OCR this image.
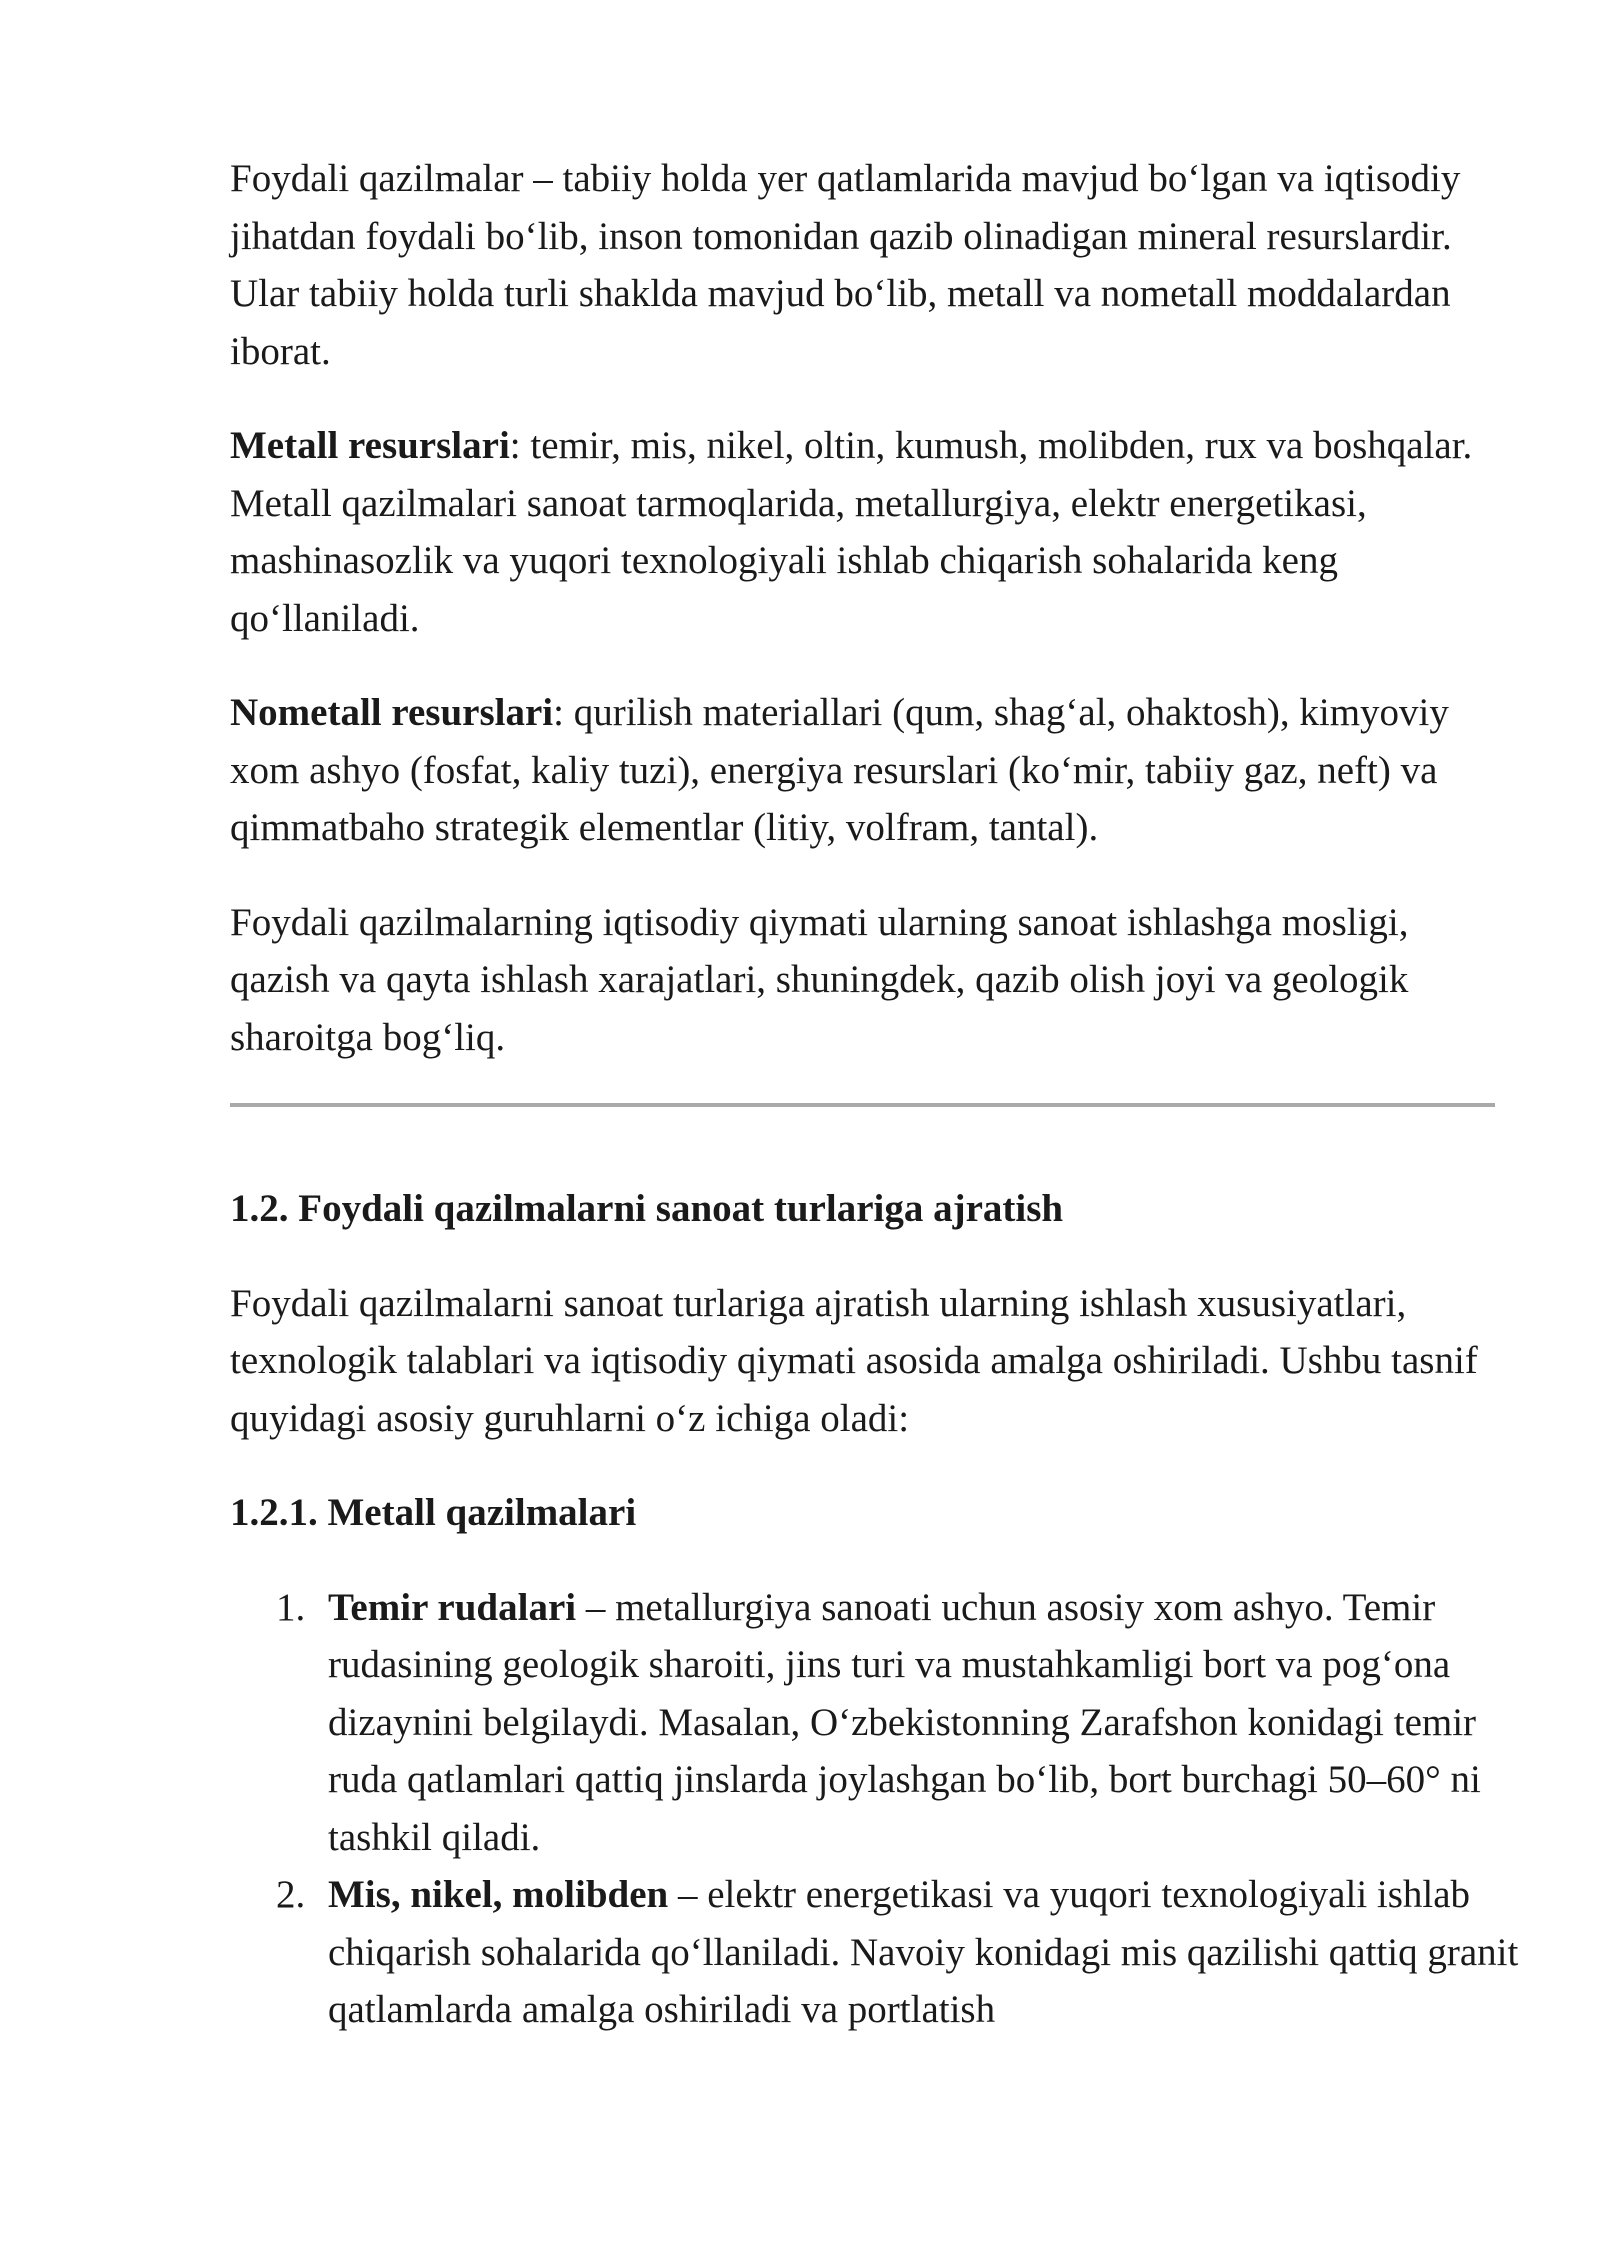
Foydali qazilmalar – tabiiy holda yer qatlamlarida mavjud bo‘lgan va iqtisodiy jihatdan foydali bo‘lib, inson tomonidan qazib olinadigan mineral resurslardir. Ular tabiiy holda turli shaklda mavjud bo‘lib, metall va nometall moddalardan iborat.

Metall resurslari: temir, mis, nikel, oltin, kumush, molibden, rux va boshqalar. Metall qazilmalari sanoat tarmoqlarida, metallurgiya, elektr energetikasi, mashinasozlik va yuqori texnologiyali ishlab chiqarish sohalarida keng qo‘llaniladi.

Nometall resurslari: qurilish materiallari (qum, shag‘al, ohaktosh), kimyoviy xom ashyo (fosfat, kaliy tuzi), energiya resurslari (ko‘mir, tabiiy gaz, neft) va qimmatbaho strategik elementlar (litiy, volfram, tantal).

Foydali qazilmalarning iqtisodiy qiymati ularning sanoat ishlashga mosligi, qazish va qayta ishlash xarajatlari, shuningdek, qazib olish joyi va geologik sharoitga bog‘liq.

1.2. Foydali qazilmalarni sanoat turlariga ajratish

Foydali qazilmalarni sanoat turlariga ajratish ularning ishlash xususiyatlari, texnologik talablari va iqtisodiy qiymati asosida amalga oshiriladi. Ushbu tasnif quyidagi asosiy guruhlarni o‘z ichiga oladi:

1.2.1. Metall qazilmalari
1. Temir rudalari – metallurgiya sanoati uchun asosiy xom ashyo. Temir rudasining geologik sharoiti, jins turi va mustahkamligi bort va pog‘ona dizaynini belgilaydi. Masalan, O‘zbekistonning Zarafshon konidagi temir ruda qatlamlari qattiq jinslarda joylashgan bo‘lib, bort burchagi 50–60° ni tashkil qiladi.
2. Mis, nikel, molibden – elektr energetikasi va yuqori texnologiyali ishlab chiqarish sohalarida qo‘llaniladi. Navoiy konidagi mis qazilishi qattiq granit qatlamlarda amalga oshiriladi va portlatish
